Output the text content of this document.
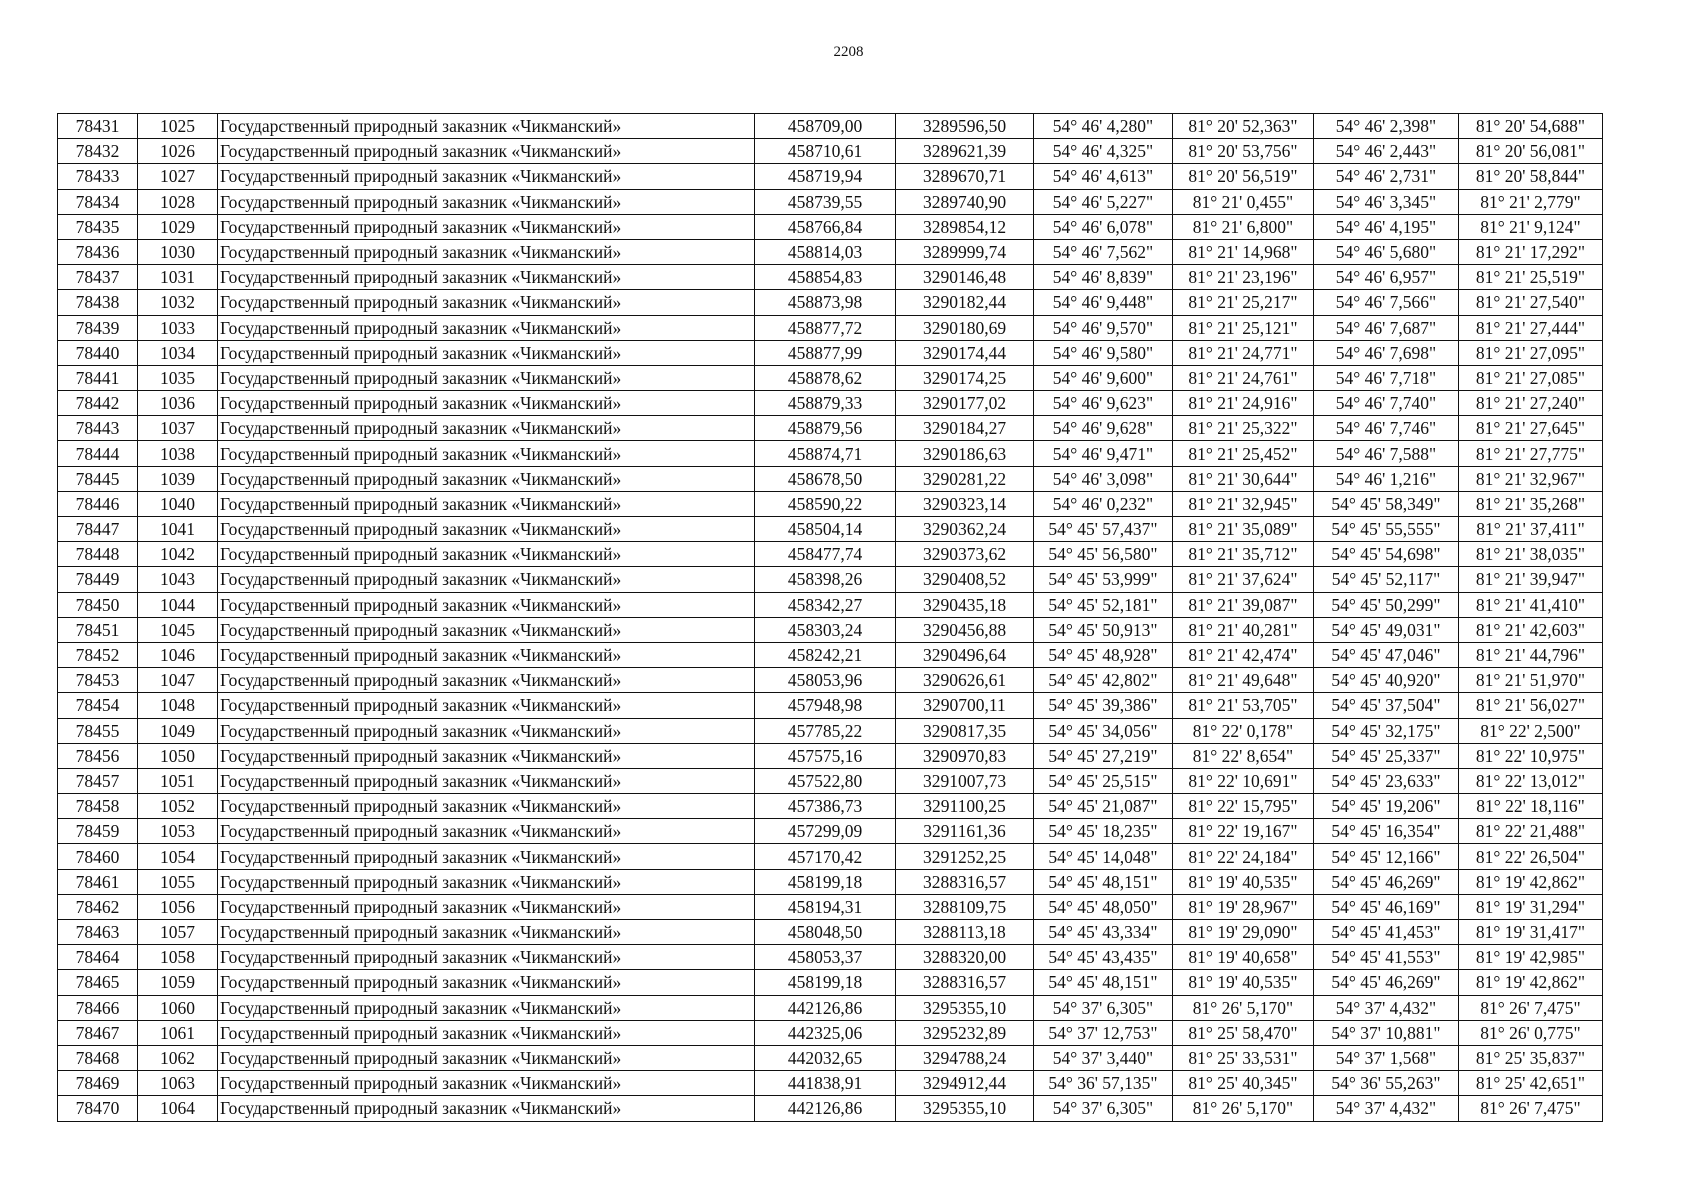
2208
78431	1025	Государственный природный заказник «Чикманский»	458709,00	3289596,50	54° 46' 4,280"	81° 20' 52,363"	54° 46' 2,398"	81° 20' 54,688"
78432	1026	Государственный природный заказник «Чикманский»	458710,61	3289621,39	54° 46' 4,325"	81° 20' 53,756"	54° 46' 2,443"	81° 20' 56,081"
78433	1027	Государственный природный заказник «Чикманский»	458719,94	3289670,71	54° 46' 4,613"	81° 20' 56,519"	54° 46' 2,731"	81° 20' 58,844"
78434	1028	Государственный природный заказник «Чикманский»	458739,55	3289740,90	54° 46' 5,227"	81° 21' 0,455"	54° 46' 3,345"	81° 21' 2,779"
78435	1029	Государственный природный заказник «Чикманский»	458766,84	3289854,12	54° 46' 6,078"	81° 21' 6,800"	54° 46' 4,195"	81° 21' 9,124"
78436	1030	Государственный природный заказник «Чикманский»	458814,03	3289999,74	54° 46' 7,562"	81° 21' 14,968"	54° 46' 5,680"	81° 21' 17,292"
78437	1031	Государственный природный заказник «Чикманский»	458854,83	3290146,48	54° 46' 8,839"	81° 21' 23,196"	54° 46' 6,957"	81° 21' 25,519"
78438	1032	Государственный природный заказник «Чикманский»	458873,98	3290182,44	54° 46' 9,448"	81° 21' 25,217"	54° 46' 7,566"	81° 21' 27,540"
78439	1033	Государственный природный заказник «Чикманский»	458877,72	3290180,69	54° 46' 9,570"	81° 21' 25,121"	54° 46' 7,687"	81° 21' 27,444"
78440	1034	Государственный природный заказник «Чикманский»	458877,99	3290174,44	54° 46' 9,580"	81° 21' 24,771"	54° 46' 7,698"	81° 21' 27,095"
78441	1035	Государственный природный заказник «Чикманский»	458878,62	3290174,25	54° 46' 9,600"	81° 21' 24,761"	54° 46' 7,718"	81° 21' 27,085"
78442	1036	Государственный природный заказник «Чикманский»	458879,33	3290177,02	54° 46' 9,623"	81° 21' 24,916"	54° 46' 7,740"	81° 21' 27,240"
78443	1037	Государственный природный заказник «Чикманский»	458879,56	3290184,27	54° 46' 9,628"	81° 21' 25,322"	54° 46' 7,746"	81° 21' 27,645"
78444	1038	Государственный природный заказник «Чикманский»	458874,71	3290186,63	54° 46' 9,471"	81° 21' 25,452"	54° 46' 7,588"	81° 21' 27,775"
78445	1039	Государственный природный заказник «Чикманский»	458678,50	3290281,22	54° 46' 3,098"	81° 21' 30,644"	54° 46' 1,216"	81° 21' 32,967"
78446	1040	Государственный природный заказник «Чикманский»	458590,22	3290323,14	54° 46' 0,232"	81° 21' 32,945"	54° 45' 58,349"	81° 21' 35,268"
78447	1041	Государственный природный заказник «Чикманский»	458504,14	3290362,24	54° 45' 57,437"	81° 21' 35,089"	54° 45' 55,555"	81° 21' 37,411"
78448	1042	Государственный природный заказник «Чикманский»	458477,74	3290373,62	54° 45' 56,580"	81° 21' 35,712"	54° 45' 54,698"	81° 21' 38,035"
78449	1043	Государственный природный заказник «Чикманский»	458398,26	3290408,52	54° 45' 53,999"	81° 21' 37,624"	54° 45' 52,117"	81° 21' 39,947"
78450	1044	Государственный природный заказник «Чикманский»	458342,27	3290435,18	54° 45' 52,181"	81° 21' 39,087"	54° 45' 50,299"	81° 21' 41,410"
78451	1045	Государственный природный заказник «Чикманский»	458303,24	3290456,88	54° 45' 50,913"	81° 21' 40,281"	54° 45' 49,031"	81° 21' 42,603"
78452	1046	Государственный природный заказник «Чикманский»	458242,21	3290496,64	54° 45' 48,928"	81° 21' 42,474"	54° 45' 47,046"	81° 21' 44,796"
78453	1047	Государственный природный заказник «Чикманский»	458053,96	3290626,61	54° 45' 42,802"	81° 21' 49,648"	54° 45' 40,920"	81° 21' 51,970"
78454	1048	Государственный природный заказник «Чикманский»	457948,98	3290700,11	54° 45' 39,386"	81° 21' 53,705"	54° 45' 37,504"	81° 21' 56,027"
78455	1049	Государственный природный заказник «Чикманский»	457785,22	3290817,35	54° 45' 34,056"	81° 22' 0,178"	54° 45' 32,175"	81° 22' 2,500"
78456	1050	Государственный природный заказник «Чикманский»	457575,16	3290970,83	54° 45' 27,219"	81° 22' 8,654"	54° 45' 25,337"	81° 22' 10,975"
78457	1051	Государственный природный заказник «Чикманский»	457522,80	3291007,73	54° 45' 25,515"	81° 22' 10,691"	54° 45' 23,633"	81° 22' 13,012"
78458	1052	Государственный природный заказник «Чикманский»	457386,73	3291100,25	54° 45' 21,087"	81° 22' 15,795"	54° 45' 19,206"	81° 22' 18,116"
78459	1053	Государственный природный заказник «Чикманский»	457299,09	3291161,36	54° 45' 18,235"	81° 22' 19,167"	54° 45' 16,354"	81° 22' 21,488"
78460	1054	Государственный природный заказник «Чикманский»	457170,42	3291252,25	54° 45' 14,048"	81° 22' 24,184"	54° 45' 12,166"	81° 22' 26,504"
78461	1055	Государственный природный заказник «Чикманский»	458199,18	3288316,57	54° 45' 48,151"	81° 19' 40,535"	54° 45' 46,269"	81° 19' 42,862"
78462	1056	Государственный природный заказник «Чикманский»	458194,31	3288109,75	54° 45' 48,050"	81° 19' 28,967"	54° 45' 46,169"	81° 19' 31,294"
78463	1057	Государственный природный заказник «Чикманский»	458048,50	3288113,18	54° 45' 43,334"	81° 19' 29,090"	54° 45' 41,453"	81° 19' 31,417"
78464	1058	Государственный природный заказник «Чикманский»	458053,37	3288320,00	54° 45' 43,435"	81° 19' 40,658"	54° 45' 41,553"	81° 19' 42,985"
78465	1059	Государственный природный заказник «Чикманский»	458199,18	3288316,57	54° 45' 48,151"	81° 19' 40,535"	54° 45' 46,269"	81° 19' 42,862"
78466	1060	Государственный природный заказник «Чикманский»	442126,86	3295355,10	54° 37' 6,305"	81° 26' 5,170"	54° 37' 4,432"	81° 26' 7,475"
78467	1061	Государственный природный заказник «Чикманский»	442325,06	3295232,89	54° 37' 12,753"	81° 25' 58,470"	54° 37' 10,881"	81° 26' 0,775"
78468	1062	Государственный природный заказник «Чикманский»	442032,65	3294788,24	54° 37' 3,440"	81° 25' 33,531"	54° 37' 1,568"	81° 25' 35,837"
78469	1063	Государственный природный заказник «Чикманский»	441838,91	3294912,44	54° 36' 57,135"	81° 25' 40,345"	54° 36' 55,263"	81° 25' 42,651"
78470	1064	Государственный природный заказник «Чикманский»	442126,86	3295355,10	54° 37' 6,305"	81° 26' 5,170"	54° 37' 4,432"	81° 26' 7,475"
